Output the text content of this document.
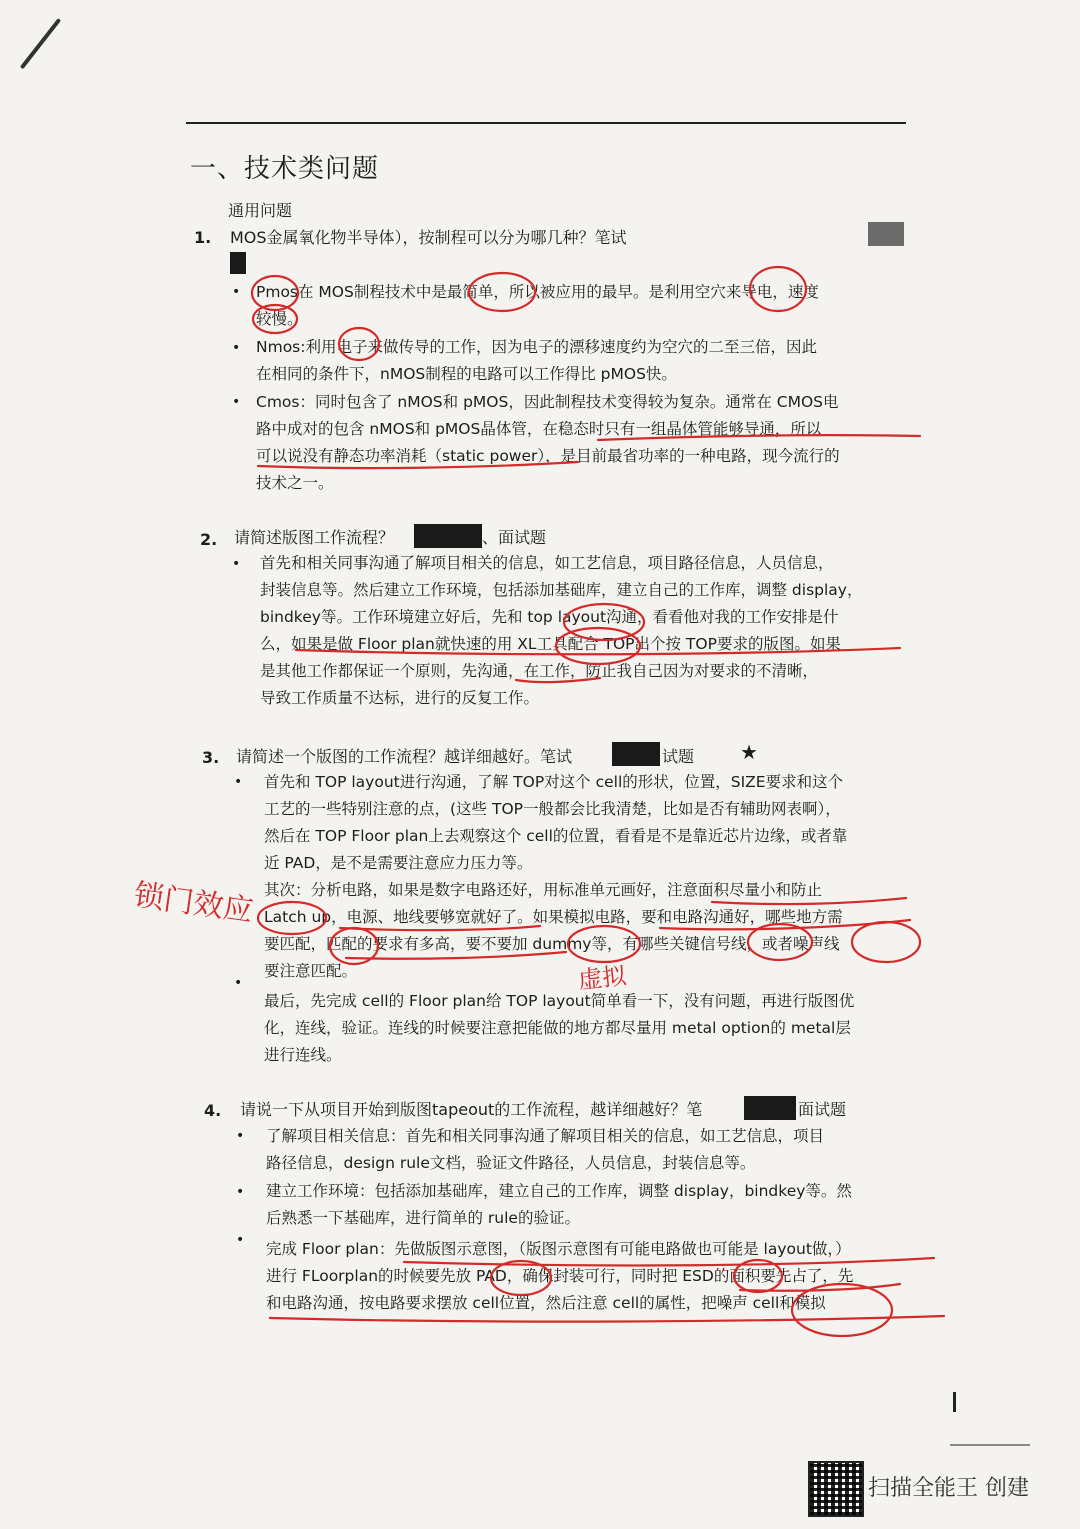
一、技术类问题
通用问题
1. MOS金属氧化物半导体），按制程可以分为哪几种？笔试
• Pmos在 MOS制程技术中是最简单，所以被应用的最早。是利用空穴来导电，速度
较慢。
• Nmos:利用电子来做传导的工作，因为电子的漂移速度约为空穴的二至三倍，因此
在相同的条件下，nMOS制程的电路可以工作得比 pMOS快。
• Cmos：同时包含了 nMOS和 pMOS，因此制程技术变得较为复杂。通常在 CMOS电
路中成对的包含 nMOS和 pMOS晶体管，在稳态时只有一组晶体管能够导通，所以
可以说没有静态功率消耗（static power），是目前最省功率的一种电路，现今流行的
技术之一。
2. 请简述版图工作流程？	、面试题
• 首先和相关同事沟通了解项目相关的信息，如工艺信息，项目路径信息，人员信息，
封装信息等。然后建立工作环境，包括添加基础库，建立自己的工作库，调整 display，
bindkey等。工作环境建立好后，先和 top layout沟通，看看他对我的工作安排是什
么，如果是做 Floor plan就快速的用 XL工具配合 TOP出个按 TOP要求的版图。如果
是其他工作都保证一个原则，先沟通，在工作，防止我自己因为对要求的不清晰，
导致工作质量不达标，进行的反复工作。
3. 请简述一个版图的工作流程？越详细越好。笔试	试题 ★
• 首先和 TOP layout进行沟通，了解 TOP对这个 cell的形状，位置，SIZE要求和这个
工艺的一些特别注意的点，(这些 TOP一般都会比我清楚，比如是否有辅助网表啊），
然后在 TOP Floor plan上去观察这个 cell的位置，看看是不是靠近芯片边缘，或者靠
近 PAD，是不是需要注意应力压力等。
其次：分析电路，如果是数字电路还好，用标准单元画好，注意面积尽量小和防止
Latch up，电源、地线要够宽就好了。如果模拟电路，要和电路沟通好，哪些地方需
要匹配，匹配的要求有多高，要不要加 dummy等，有哪些关键信号线，或者噪声线
要注意匹配。
•
最后，先完成 cell的 Floor plan给 TOP layout简单看一下，没有问题，再进行版图优
化，连线，验证。连线的时候要注意把能做的地方都尽量用 metal option的 metal层
进行连线。
4. 请说一下从项目开始到版图tapeout的工作流程，越详细越好？笔	面试题
• 了解项目相关信息：首先和相关同事沟通了解项目相关的信息，如工艺信息，项目
路径信息，design rule文档，验证文件路径，人员信息，封装信息等。
• 建立工作环境：包括添加基础库，建立自己的工作库，调整 display，bindkey等。然
后熟悉一下基础库，进行简单的 rule的验证。
• 完成 Floor plan：先做版图示意图，（版图示意图有可能电路做也可能是 layout做，）
进行 FLoorplan的时候要先放 PAD，确保封装可行，同时把 ESD的面积要先占了，先
和电路沟通，按电路要求摆放 cell位置，然后注意 cell的属性，把噪声 cell和模拟
锁门效应
虚拟
扫描全能王 创建
